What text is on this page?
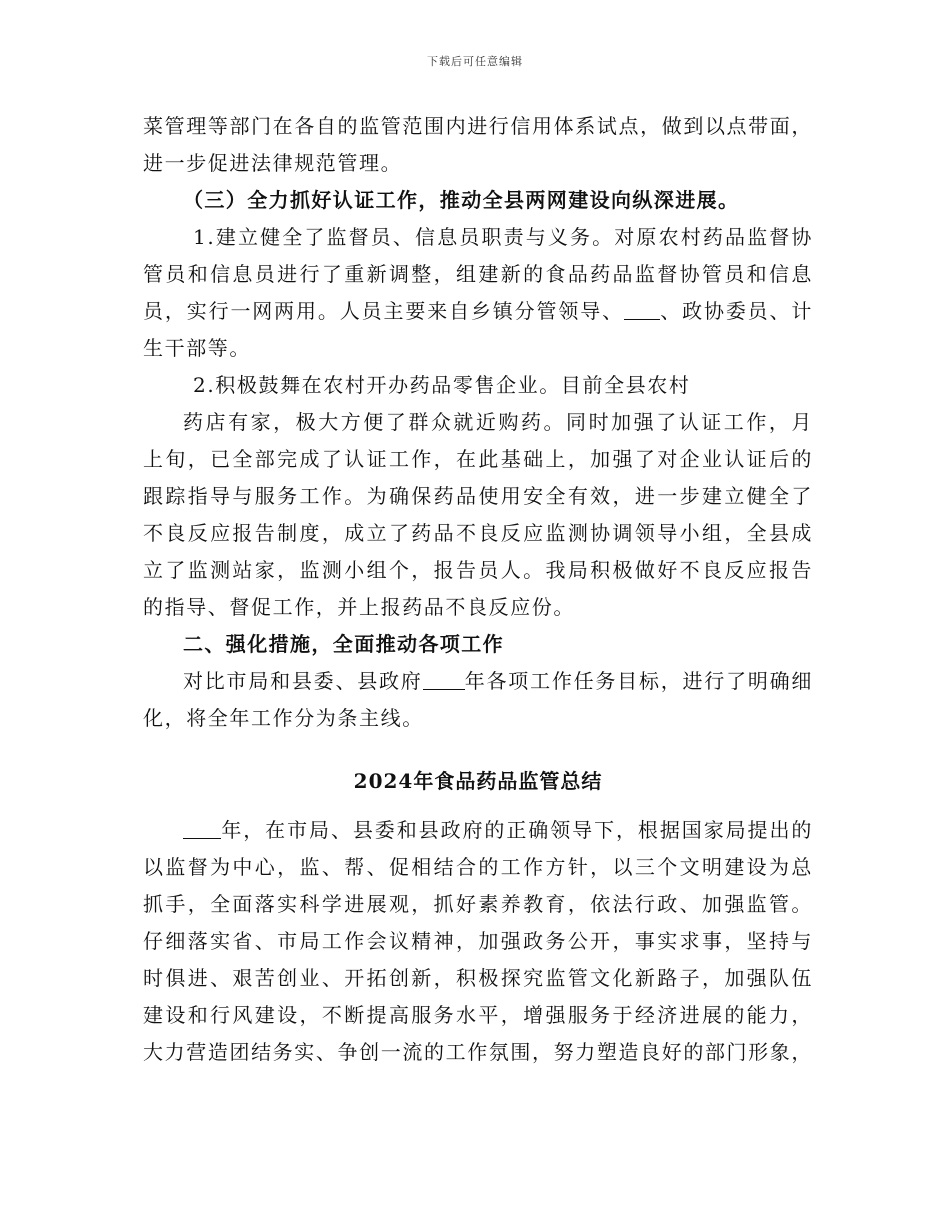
下载后可任意编辑
菜管理等部门在各自的监管范围内进行信用体系试点，做到以点带面，
进一步促进法律规范管理。
（三）全力抓好认证工作，推动全县两网建设向纵深进展。
1.建立健全了监督员、信息员职责与义务。对原农村药品监督协
管员和信息员进行了重新调整，组建新的食品药品监督协管员和信息
员，实行一网两用。人员主要来自乡镇分管领导、 、政协委员、计
生干部等。
2.积极鼓舞在农村开办药品零售企业。目前全县农村
药店有家，极大方便了群众就近购药。同时加强了认证工作，月
上旬，已全部完成了认证工作，在此基础上，加强了对企业认证后的
跟踪指导与服务工作。为确保药品使用安全有效，进一步建立健全了
不良反应报告制度，成立了药品不良反应监测协调领导小组，全县成
立了监测站家，监测小组个，报告员人。我局积极做好不良反应报告
的指导、督促工作，并上报药品不良反应份。
二、强化措施，全面推动各项工作
对比市局和县委、县政府 年各项工作任务目标，进行了明确细
化，将全年工作分为条主线。
2024年食品药品监管总结
年，在市局、县委和县政府的正确领导下，根据国家局提出的
以监督为中心，监、帮、促相结合的工作方针，以三个文明建设为总
抓手，全面落实科学进展观，抓好素养教育，依法行政、加强监管。
仔细落实省、市局工作会议精神，加强政务公开，事实求事，坚持与
时俱进、艰苦创业、开拓创新，积极探究监管文化新路子，加强队伍
建设和行风建设，不断提高服务水平，增强服务于经济进展的能力，
大力营造团结务实、争创一流的工作氛围，努力塑造良好的部门形象，
